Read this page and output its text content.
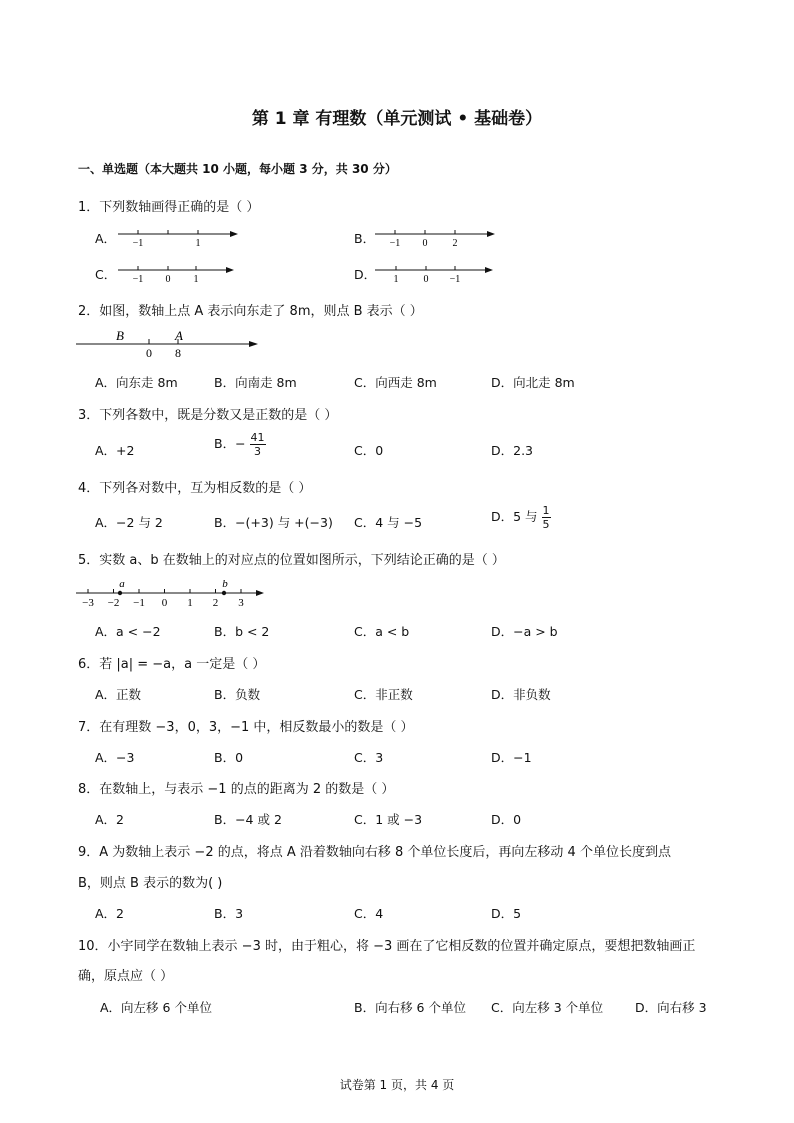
第 1 章 有理数（单元测试 • 基础卷）
一、单选题（本大题共 10 小题，每小题 3 分，共 30 分）
1．下列数轴画得正确的是（ ）
A． −1	1	B． −1 0	2
C． −1 0 1	D． 1	0 −1
2．如图，数轴上点 A 表示向东走了 8m，则点 B 表示（ ）
B	A
0 8
A．向东走 8m	B．向南走 8m	C．向西走 8m	D．向北走 8m
3．下列各数中，既是分数又是正数的是（ ）
A．+2	B．− $\frac{41}{3}$	C．0	D．2.3
4．下列各对数中，互为相反数的是（ ）
A．−2 与 2	B．−(+3) 与 +(−3) C．4 与 −5	D．5 与 $\frac{1}{5}$
5．实数 a、b 在数轴上的对应点的位置如图所示，下列结论正确的是（ ）
−3 −2 −1 0 1 2 3
a	b
A．a < −2	B．b < 2	C．a < b	D．−a > b
6．若 |a| = −a，a 一定是（ ）
A．正数	B．负数	C．非正数	D．非负数
7．在有理数 −3，0，3，−1 中，相反数最小的数是（ ）
A．−3	B．0	C．3	D．−1
8．在数轴上，与表示 −1 的点的距离为 2 的数是（ ）
A．2	B．−4 或 2	C．1 或 −3	D．0
9．A 为数轴上表示 −2 的点，将点 A 沿着数轴向右移 8 个单位长度后，再向左移动 4 个单位长度到点
B，则点 B 表示的数为( )
A．2	B．3	C．4	D．5
10．小宇同学在数轴上表示 −3 时，由于粗心，将 −3 画在了它相反数的位置并确定原点，要想把数轴画正
确，原点应（ ）
A．向左移 6 个单位	B．向右移 6 个单位 C．向左移 3 个单位	D．向右移 3
试卷第 1 页，共 4 页
